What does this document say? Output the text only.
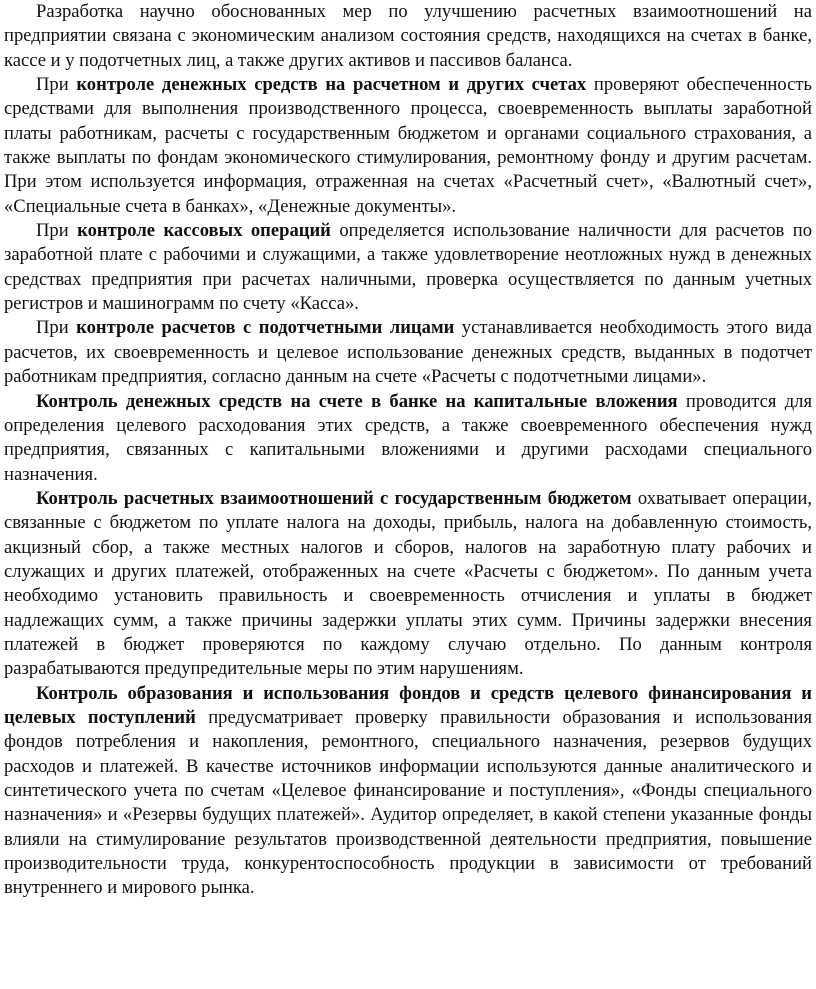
Разработка научно обоснованных мер по улучшению расчетных взаимоотношений на предприятии связана с экономическим анализом состояния средств, находящихся на счетах в банке, кассе и у подотчетных лиц, а также других активов и пассивов баланса.

При контроле денежных средств на расчетном и других счетах проверяют обеспеченность средствами для выполнения производственного процесса, своевременность выплаты заработной платы работникам, расчеты с государственным бюджетом и органами социального страхования, а также выплаты по фондам экономического стимулирования, ремонтному фонду и другим расчетам. При этом используется информация, отраженная на счетах «Расчетный счет», «Валютный счет», «Специальные счета в банках», «Денежные документы».

При контроле кассовых операций определяется использование наличности для расчетов по заработной плате с рабочими и служащими, а также удовлетворение неотложных нужд в денежных средствах предприятия при расчетах наличными, проверка осуществляется по данным учетных регистров и машинограмм по счету «Касса».

При контроле расчетов с подотчетными лицами устанавливается необходимость этого вида расчетов, их своевременность и целевое использование денежных средств, выданных в подотчет работникам предприятия, согласно данным на счете «Расчеты с подотчетными лицами».

Контроль денежных средств на счете в банке на капитальные вложения проводится для определения целевого расходования этих средств, а также своевременного обеспечения нужд предприятия, связанных с капитальными вложениями и другими расходами специального назначения.

Контроль расчетных взаимоотношений с государственным бюджетом охватывает операции, связанные с бюджетом по уплате налога на доходы, прибыль, налога на добавленную стоимость, акцизный сбор, а также местных налогов и сборов, налогов на заработную плату рабочих и служащих и других платежей, отображенных на счете «Расчеты с бюджетом». По данным учета необходимо установить правильность и своевременность отчисления и уплаты в бюджет надлежащих сумм, а также причины задержки уплаты этих сумм. Причины задержки внесения платежей в бюджет проверяются по каждому случаю отдельно. По данным контроля разрабатываются предупредительные меры по этим нарушениям.

Контроль образования и использования фондов и средств целевого финансирования и целевых поступлений предусматривает проверку правильности образования и использования фондов потребления и накопления, ремонтного, специального назначения, резервов будущих расходов и платежей. В качестве источников информации используются данные аналитического и синтетического учета по счетам «Целевое финансирование и поступления», «Фонды специального назначения» и «Резервы будущих платежей». Аудитор определяет, в какой степени указанные фонды влияли на стимулирование результатов производственной деятельности предприятия, повышение производительности труда, конкурентоспособность продукции в зависимости от требований внутреннего и мирового рынка.
